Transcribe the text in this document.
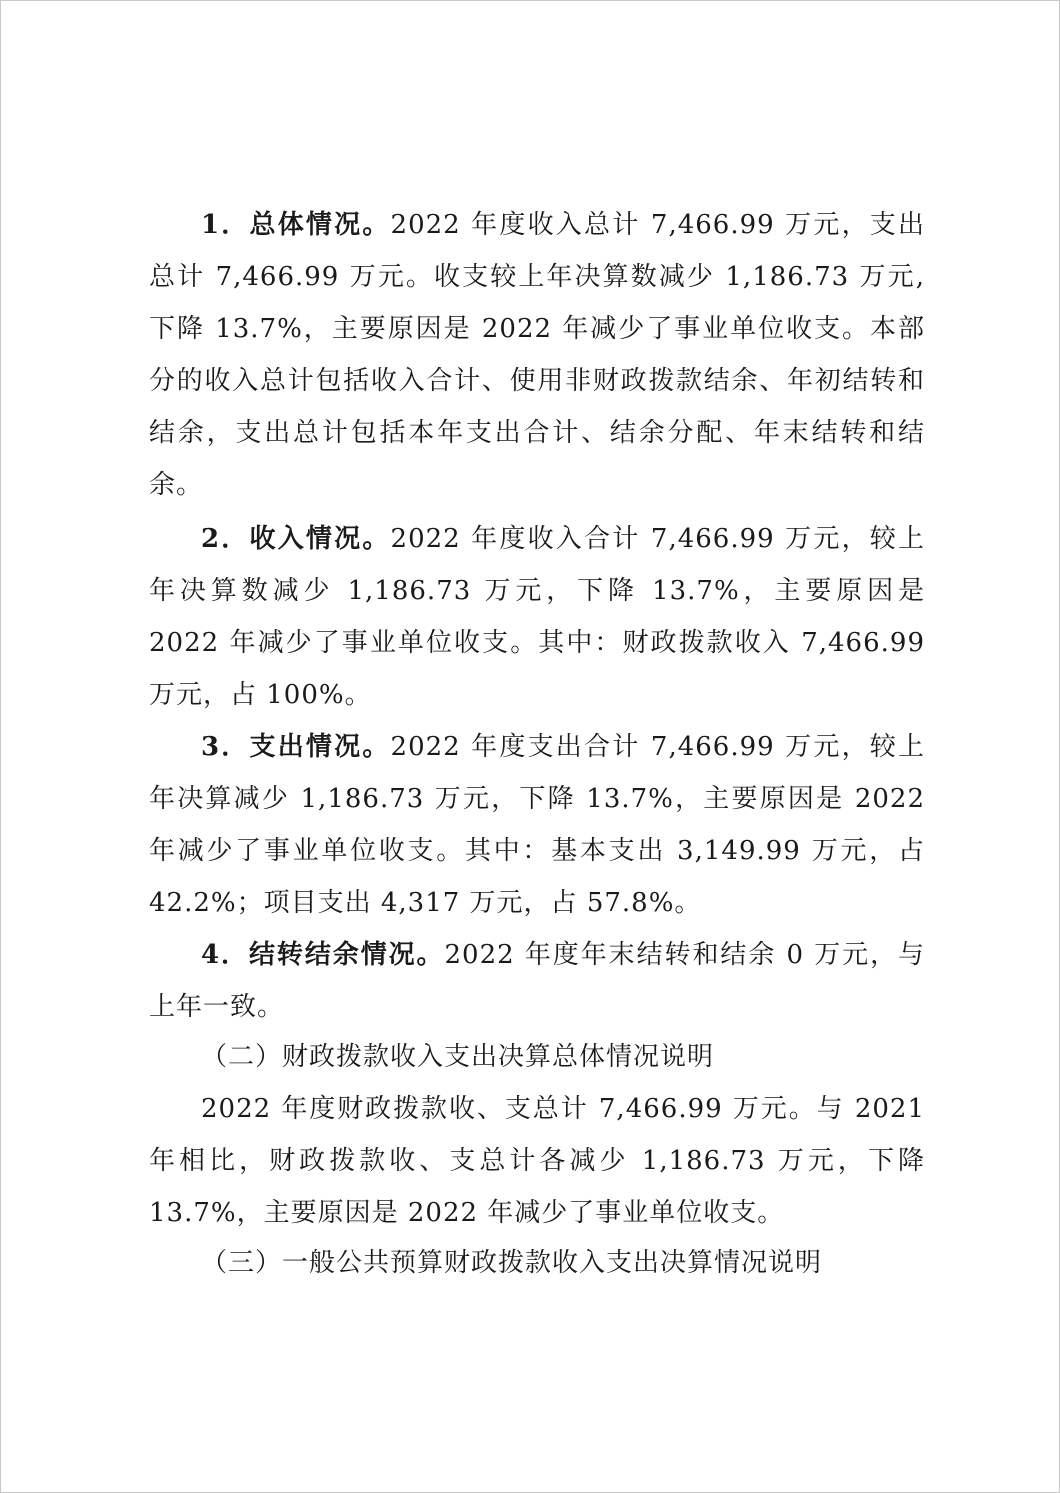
1．总体情况。2022 年度收入总计 7,466.99 万元，支出总计 7,466.99 万元。收支较上年决算数减少 1,186.73 万元,下降 13.7%，主要原因是 2022 年减少了事业单位收支。本部分的收入总计包括收入合计、使用非财政拨款结余、年初结转和结余，支出总计包括本年支出合计、结余分配、年末结转和结余。

2．收入情况。2022 年度收入合计 7,466.99 万元，较上年决算数减少 1,186.73 万元，下降 13.7%，主要原因是 2022 年减少了事业单位收支。其中：财政拨款收入 7,466.99 万元，占 100%。

3．支出情况。2022 年度支出合计 7,466.99 万元，较上年决算减少 1,186.73 万元，下降 13.7%，主要原因是 2022 年减少了事业单位收支。其中：基本支出 3,149.99 万元，占 42.2%；项目支出 4,317 万元，占 57.8%。

4．结转结余情况。2022 年度年末结转和结余 0 万元，与上年一致。

（二）财政拨款收入支出决算总体情况说明

2022 年度财政拨款收、支总计 7,466.99 万元。与 2021 年相比，财政拨款收、支总计各减少 1,186.73 万元，下降 13.7%，主要原因是 2022 年减少了事业单位收支。

（三）一般公共预算财政拨款收入支出决算情况说明
